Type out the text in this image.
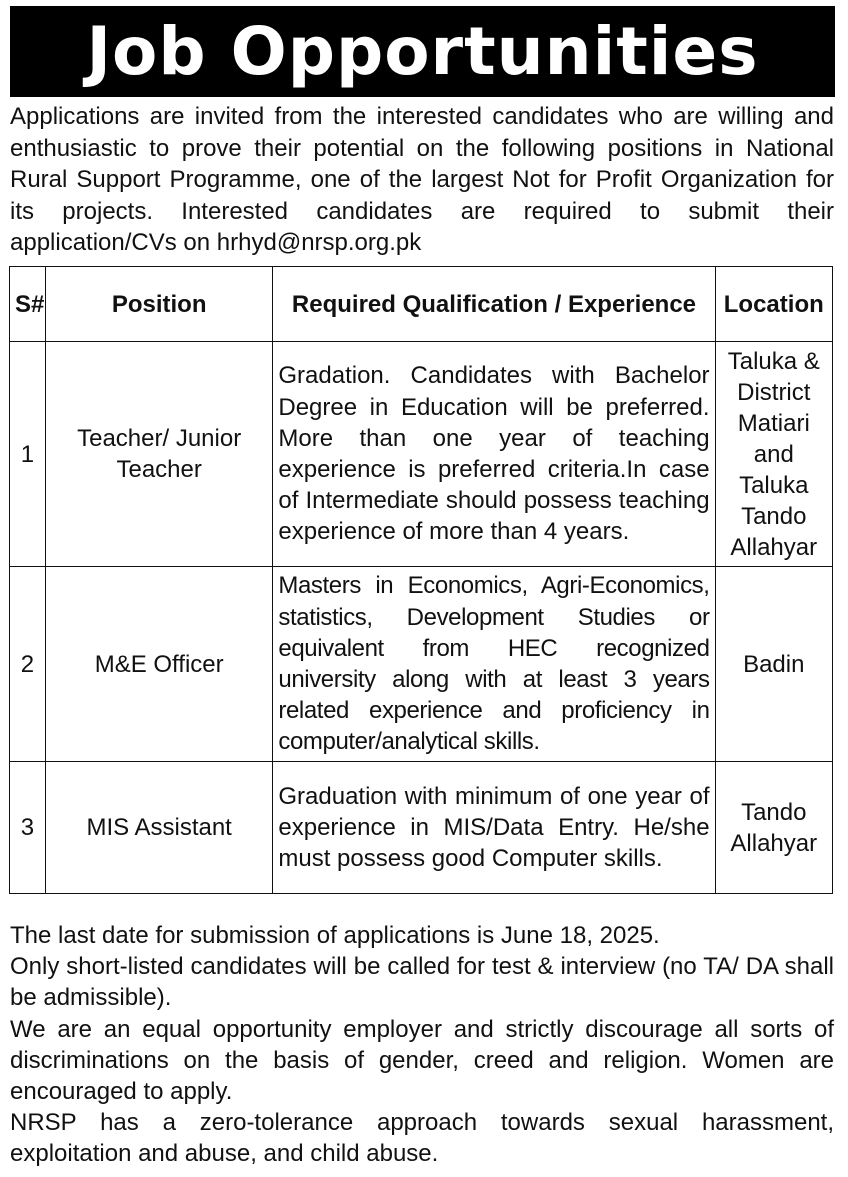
Job Opportunities
Applications are invited from the interested candidates who are willing and enthusiastic to prove their potential on the following positions in National Rural Support Programme, one of the largest Not for Profit Organization for its projects. Interested candidates are required to submit their application/CVs on hrhyd@nrsp.org.pk
S#	Position	Required Qualification / Experience	Location
1	Teacher/ Junior Teacher	Gradation. Candidates with Bachelor Degree in Education will be preferred. More than one year of teaching experience is preferred criteria.In case of Intermediate should possess teaching experience of more than 4 years.	Taluka & District Matiari and Taluka Tando Allahyar
2	M&E Officer	Masters in Economics, Agri-Economics, statistics, Development Studies or equivalent from HEC recognized university along with at least 3 years related experience and proficiency in computer/analytical skills.	Badin
3	MIS Assistant	Graduation with minimum of one year of experience in MIS/Data Entry. He/she must possess good Computer skills.	Tando Allahyar

The last date for submission of applications is June 18, 2025.

Only short-listed candidates will be called for test & interview (no TA/ DA shall be admissible).

We are an equal opportunity employer and strictly discourage all sorts of discriminations on the basis of gender, creed and religion. Women are encouraged to apply.

NRSP has a zero-tolerance approach towards sexual harassment, exploitation and abuse, and child abuse.
